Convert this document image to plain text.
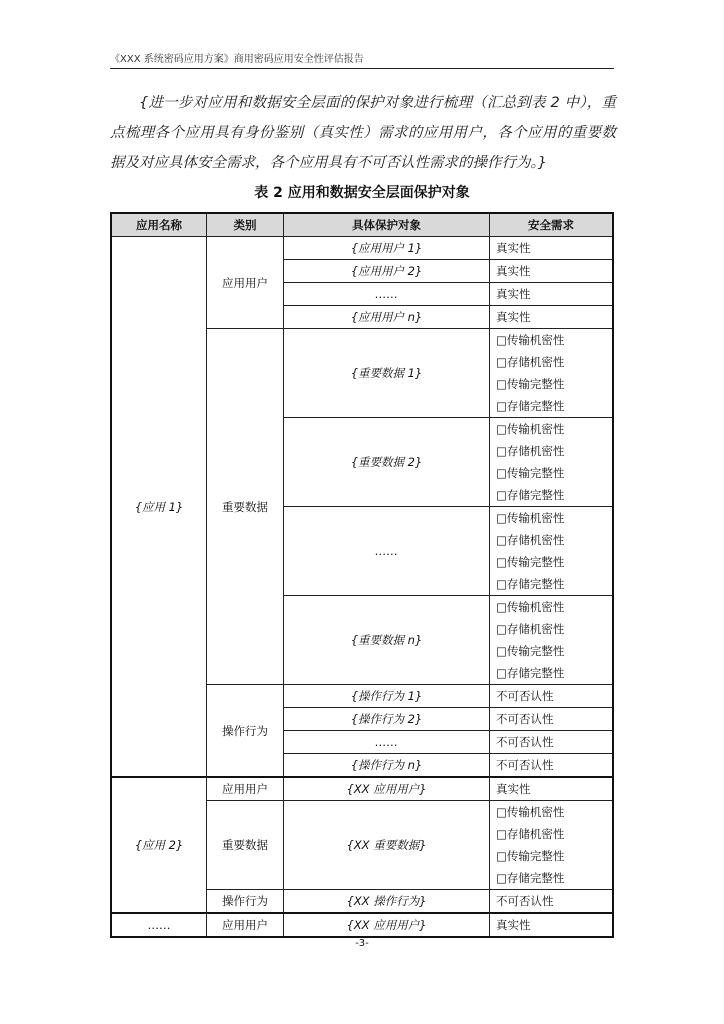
《XXX 系统密码应用方案》商用密码应用安全性评估报告
{进一步对应用和数据安全层面的保护对象进行梳理（汇总到表 2 中），重点梳理各个应用具有身份鉴别（真实性）需求的应用用户，各个应用的重要数据及对应具体安全需求，各个应用具有不可否认性需求的操作行为。}
表 2 应用和数据安全层面保护对象
应用名称	类别	具体保护对象	安全需求
{应用 1}	应用用户	{应用用户 1}	真实性

		{应用用户 2}	真实性

		……	真实性

		{应用用户 n}	真实性

	重要数据	{重要数据 1}	□传输机密性
□存储机密性
□传输完整性
□存储完整性

		{重要数据 2}	□传输机密性
□存储机密性
□传输完整性
□存储完整性

		……	□传输机密性
□存储机密性
□传输完整性
□存储完整性

		{重要数据 n}	□传输机密性
□存储机密性
□传输完整性
□存储完整性

	操作行为	{操作行为 1}	不可否认性

		{操作行为 2}	不可否认性

		……	不可否认性

		{操作行为 n}	不可否认性

{应用 2}	应用用户	{XX 应用用户}	真实性

	重要数据	{XX 重要数据}	□传输机密性
□存储机密性
□传输完整性
□存储完整性

	操作行为	{XX 操作行为}	不可否认性

……	应用用户	{XX 应用用户}	真实性
-3-
